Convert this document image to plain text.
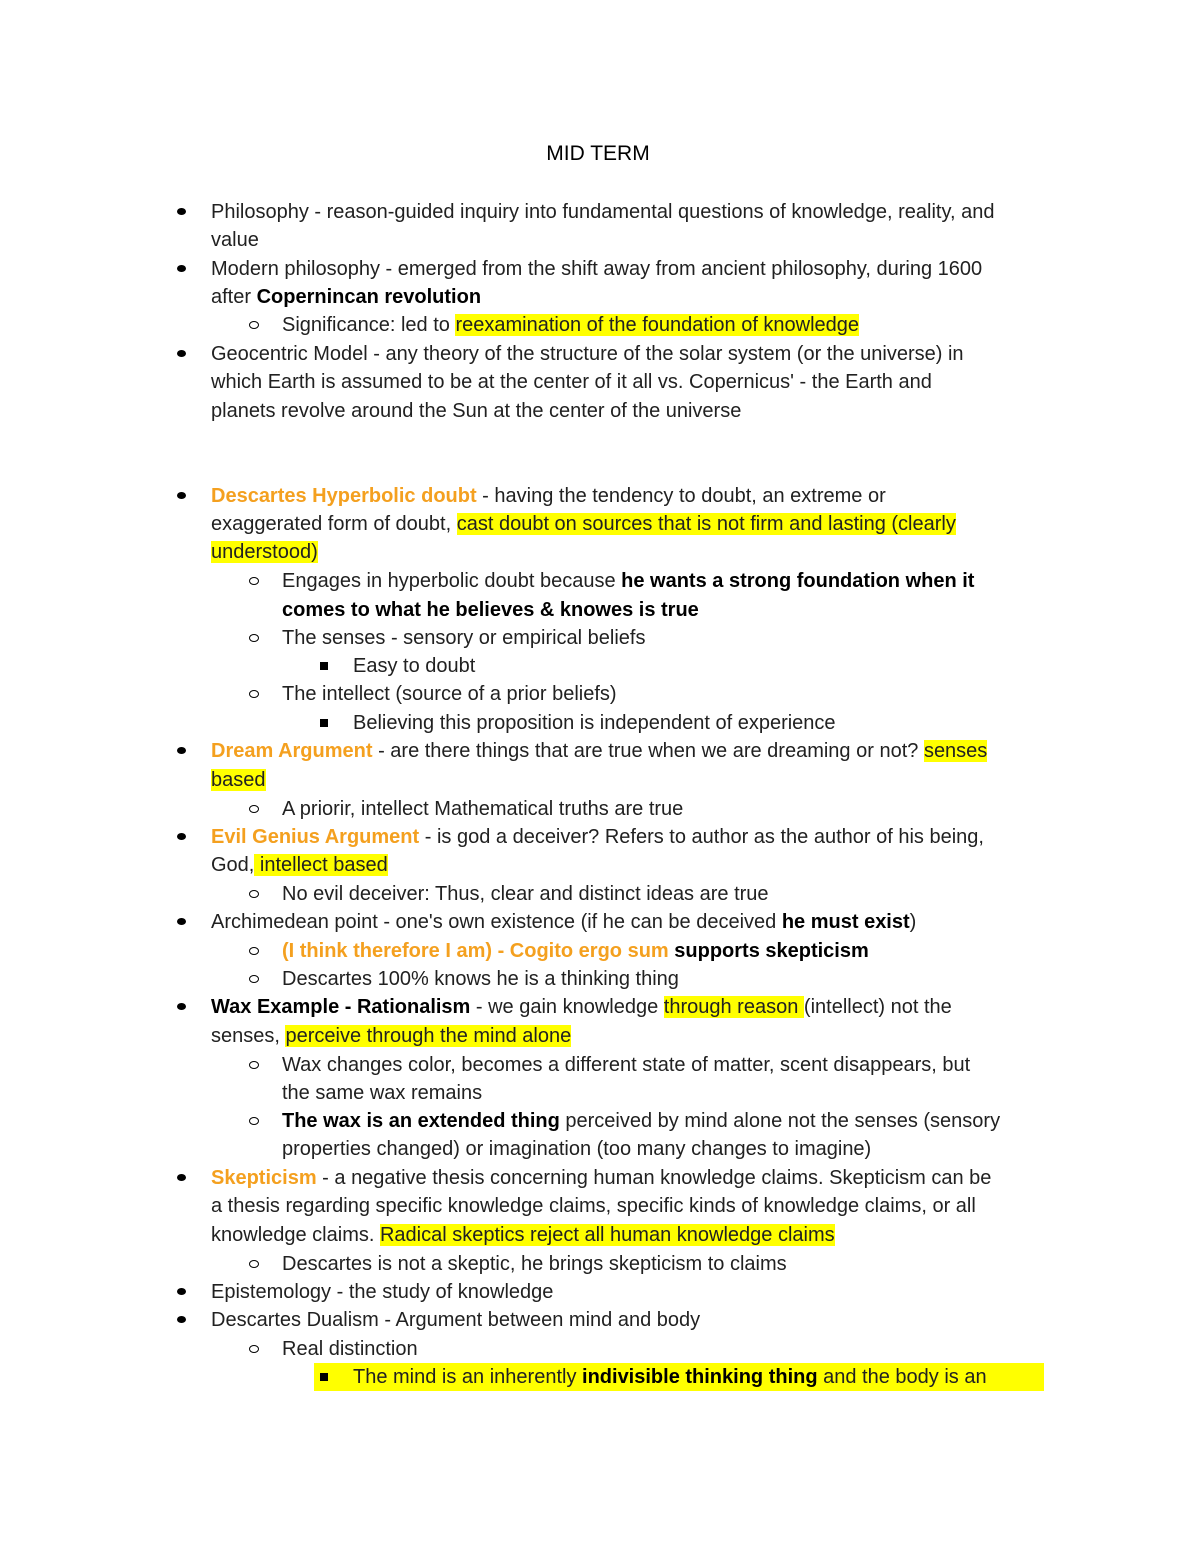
MID TERM
Philosophy - reason-guided inquiry into fundamental questions of knowledge, reality, and
value
Modern philosophy - emerged from the shift away from ancient philosophy, during 1600
after Copernincan revolution
Significance: led to reexamination of the foundation of knowledge
Geocentric Model - any theory of the structure of the solar system (or the universe) in
which Earth is assumed to be at the center of it all vs. Copernicus' - the Earth and
planets revolve around the Sun at the center of the universe
Descartes Hyperbolic doubt - having the tendency to doubt, an extreme or
exaggerated form of doubt, cast doubt on sources that is not firm and lasting (clearly
understood)
Engages in hyperbolic doubt because he wants a strong foundation when it
comes to what he believes & knowes is true
The senses - sensory or empirical beliefs
Easy to doubt
The intellect (source of a prior beliefs)
Believing this proposition is independent of experience
Dream Argument - are there things that are true when we are dreaming or not? senses
based
A priorir, intellect Mathematical truths are true
Evil Genius Argument - is god a deceiver? Refers to author as the author of his being,
God, intellect based
No evil deceiver: Thus, clear and distinct ideas are true
Archimedean point - one's own existence (if he can be deceived he must exist)
(I think therefore I am) - Cogito ergo sum supports skepticism
Descartes 100% knows he is a thinking thing
Wax Example - Rationalism - we gain knowledge through reason (intellect) not the
senses, perceive through the mind alone
Wax changes color, becomes a different state of matter, scent disappears, but
the same wax remains
The wax is an extended thing perceived by mind alone not the senses (sensory
properties changed) or imagination (too many changes to imagine)
Skepticism - a negative thesis concerning human knowledge claims. Skepticism can be
a thesis regarding specific knowledge claims, specific kinds of knowledge claims, or all
knowledge claims. Radical skeptics reject all human knowledge claims
Descartes is not a skeptic, he brings skepticism to claims
Epistemology - the study of knowledge
Descartes Dualism - Argument between mind and body
Real distinction
The mind is an inherently indivisible thinking thing and the body is an
